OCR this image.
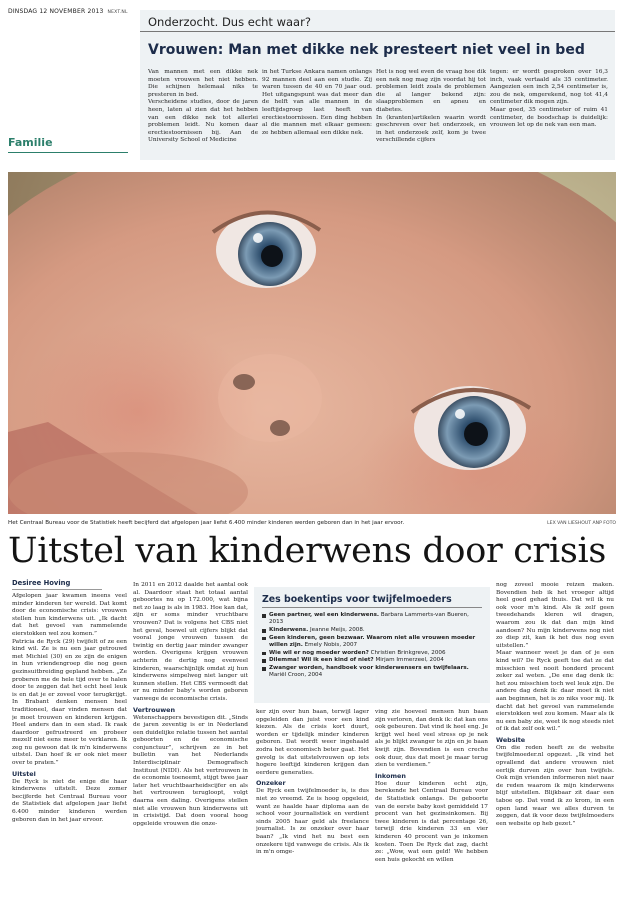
DINSDAG 12 NOVEMBER 2013 NEXT.NL
Onderzocht. Dus echt waar?
Vrouwen: Man met dikke nek presteert niet veel in bed

Van mannen met een dikke nek moeten vrouwen het niet hebben. Die schijnen helemaal niks te presteren in bed.

Verscheidene studies, door de jaren heen, laten al zien dat het hebben van een dikke nek tot allerlei problemen leidt. Nu komen daar erectiestoornissen bij. Aan de University School of Medicine

in het Turkse Ankara namen onlangs 92 mannen deel aan een studie. Zij waren tussen de 40 en 70 jaar oud. Het uitgangspunt was dat meer dan de helft van alle mannen in de leeftijdsgroep last heeft van erectiestoornissen. Een ding hebben al die mannen met elkaar gemeen: ze hebben allemaal een dikke nek.

Het is nog wel even de vraag hoe dik een nek nog mag zijn voordat hij tot problemen leidt zoals de problemen die al langer bekend zijn: slaapproblemen en apneu en diabetes.

In (kranten)artikelen waarin wordt geschreven over het onderzoek, en in het onderzoek zelf, kom je twee verschillende cijfers

tegen: er wordt gesproken over 16,3 inch, vaak vertaald als 35 centimeter. Aangezien een inch 2,54 centimeter is, zou de nek, omgerekend, nog tot 41,4 centimeter dik mogen zijn.

Maar goed, 35 centimeter of ruim 41 centimeter, de boodschap is duidelijk: vrouwen let op de nek van een man.

Familie
Het Centraal Bureau voor de Statistiek heeft becijferd dat afgelopen jaar liefst 6.400 minder kinderen werden geboren dan in het jaar ervoor.	LEX VAN LIESHOUT ANP FOTO
Uitstel van kinderwens door crisis
Desiree Hoving

Afgelopen jaar kwamen ineens veel minder kinderen ter wereld. Dat komt door de economische crisis: vrouwen stellen hun kinderwens uit. „Ik dacht dat het gevoel van rammelende eierstokken wel zou komen.”

Patricia de Ryck (29) twijfelt of ze een kind wil. Ze is nu een jaar getrouwd met Michiel (30) en ze zijn de enigen in hun vriendengroep die nog geen gezinsuitbreiding gepland hebben. „Ze proberen me de hele tijd over te halen door te zeggen dat het echt heel leuk is en dat je er zoveel voor terugkrijgt. In Brabant denken mensen heel traditioneel, daar vinden mensen dat je moet trouwen en kinderen krijgen. Heel anders dan in een stad. Ik raak daardoor gefrustreerd en probeer mezelf niet eens meer te verklaren. Ik zeg nu gewoon dat ik m'n kinderwens uitstel. Dan hoef ik er ook niet meer over te praten.”

Uitstel

De Ryck is niet de enige die haar kinderwens uitstelt. Deze zomer becijferde het Centraal Bureau voor de Statistiek dat afgelopen jaar liefst 6.400 minder kinderen werden geboren dan in het jaar ervoor.

In 2011 en 2012 daalde het aantal ook al. Daardoor staat het totaal aantal geboortes nu op 172.000, wat bijna net zo laag is als in 1983. Hoe kan dat, zijn er soms minder vruchtbare vrouwen? Dat is volgens het CBS niet het geval, hoewel uit cijfers blijkt dat vooral jonge vrouwen tussen de twintig en dertig jaar minder zwanger worden. Overigens krijgen vrouwen achterin de dertig nog evenveel kinderen, waarschijnlijk omdat zij hun kinderwens simpelweg niet langer uit kunnen stellen. Het CBS vermoedt dat er nu minder baby's worden geboren vanwege de economische crisis.

Vertrouwen

Wetenschappers bevestigen dit. „Sinds de jaren zeventig is er in Nederland een duidelijke relatie tussen het aantal geboorten en de economische conjunctuur”, schrijven ze in het bulletin van het Nederlands Interdisciplinair Demografisch Instituut (NIDI). Als het vertrouwen in de economie toeneemt, stijgt twee jaar later het vruchtbaarheidscijfer en als het vertrouwen terugloopt, volgt daarna een daling. Overigens stellen niet alle vrouwen hun kinderwens uit in crisistijd. Dat doen vooral hoog opgeleide vrouwen die onze-

Zes boekentips voor twijfelmoeders
Geen partner, wel een kinderwens. Barbara Lammerts-van Bueren, 2013
Kinderwens. Jeanne Meijs, 2008.
Geen kinderen, geen bezwaar. Waarom niet alle vrouwen moeder willen zijn. Emely Nobis, 2007
Wie wil er nog moeder worden? Christien Brinkgreve, 2006
Dilemma! Wil ik een kind of niet? Mirjam Immerzeel, 2004
Zwanger worden, handboek voor kinderwensers en twijfelaars. Mariël Croon, 2004

ker zijn over hun baan, terwijl lager opgeleiden dan juist voor een kind kiezen. Als de crisis kort duurt, worden er tijdelijk minder kinderen geboren. Dat wordt weer ingehaald zodra het economisch beter gaat. Het gevolg is dat uitstelvrouwen op iets hogere leeftijd kinderen krijgen dan eerdere generaties.

Onzeker

De Ryck een twijfelmoeder is, is dus niet zo vreemd. Ze is hoog opgeleid, want ze haalde haar diploma aan de school voor journalistiek en verdient sinds 2005 haar geld als freelance journalist. Is ze onzeker over haar baan? „Ik vind het nu best een onzekere tijd vanwege de crisis. Als ik in m'n omge-

ving zie hoeveel mensen hun baan zijn verloren, dan denk ik: dat kan ons ook gebeuren. Dat vind ik heel eng. Je krijgt wel heel veel stress op je nek als je blijkt zwanger te zijn en je baan kwijt zijn. Bovendien is een creche ook duur, dus dat moet je maar terug zien te verdienen.”

Inkomen

Hoe duur kinderen echt zijn, berekende het Centraal Bureau voor de Statistiek onlangs. De geboorte van de eerste baby kost gemiddeld 17 procent van het gezinsinkomen. Bij twee kinderen is dat percentage 26, terwijl drie kinderen 33 en vier kinderen 40 procent van je inkomen kosten. Toen De Ryck dat zag, dacht ze: „Wow, wat een geld! We hebben een huis gekocht en willen

nog zoveel mooie reizen maken. Bovendien heb ik het vroeger altijd heel goed gehad thuis. Dat wil ik nu ook voor m'n kind. Als ik zelf geen tweedehands kleren wil dragen, waarom zou ik dat dan mijn kind aandoen? Nu mijn kinderwens nog niet zo diep zit, kan ik het dus nog even uitstellen.”

Maar wanneer weet je dan of je een kind wil? De Ryck geeft toe dat ze dat misschien wel nooit honderd procent zeker zal weten. „De ene dag denk ik: het zou misschien toch wel leuk zijn. De andere dag denk ik: daar moet ik niet aan beginnen, het is zo niks voor mij. Ik dacht dat het gevoel van rammelende eierstokken wel zou komen. Maar als ik nu een baby zie, weet ik nog steeds niet of ik dat zelf ook wil.”

Website

Om die reden heeft ze de website twijfelmoeder.nl opgezet. „Ik vind het opvallend dat andere vrouwen niet eerlijk durven zijn over hun twijfels. Ook mijn vrienden informeren niet naar de reden waarom ik mijn kinderwens blijf uitstellen. Blijkbaar zit daar een taboe op. Dat vond ik zo krom, in een open land waar we alles durven te zeggen, dat ik voor deze twijfelmoeders een website op heb gezet.”
